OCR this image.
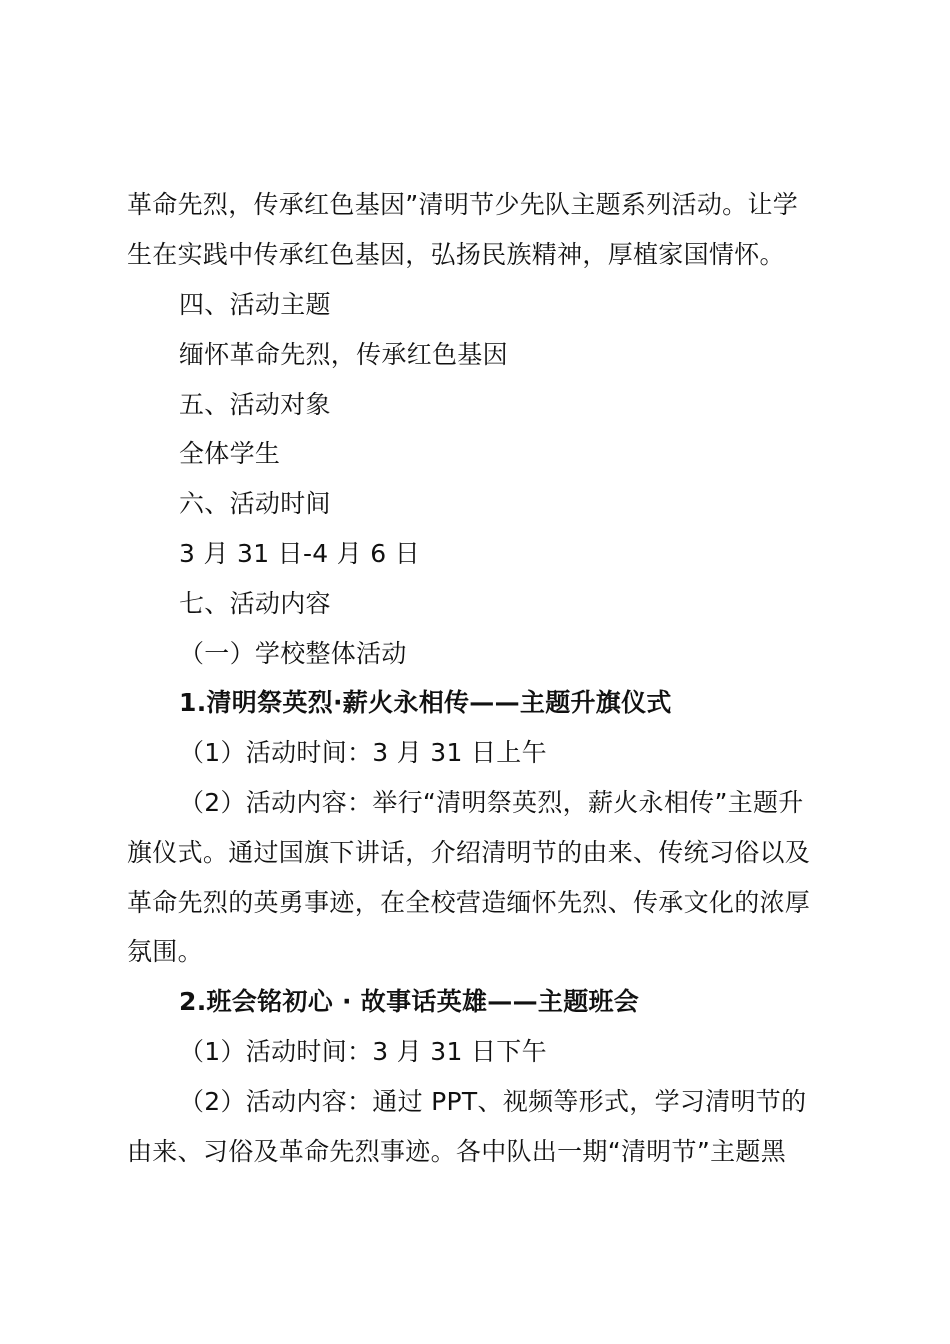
革命先烈，传承红色基因”清明节少先队主题系列活动。让学
生在实践中传承红色基因，弘扬民族精神，厚植家国情怀。
四、活动主题
缅怀革命先烈，传承红色基因
五、活动对象
全体学生
六、活动时间
3 月 31 日-4 月 6 日
七、活动内容
（一）学校整体活动
1.清明祭英烈·薪火永相传——主题升旗仪式
（1）活动时间：3 月 31 日上午
（2）活动内容：举行“清明祭英烈，薪火永相传”主题升
旗仪式。通过国旗下讲话，介绍清明节的由来、传统习俗以及
革命先烈的英勇事迹，在全校营造缅怀先烈、传承文化的浓厚
氛围。
2.班会铭初心 · 故事话英雄——主题班会
（1）活动时间：3 月 31 日下午
（2）活动内容：通过 PPT、视频等形式，学习清明节的
由来、习俗及革命先烈事迹。各中队出一期“清明节”主题黑
